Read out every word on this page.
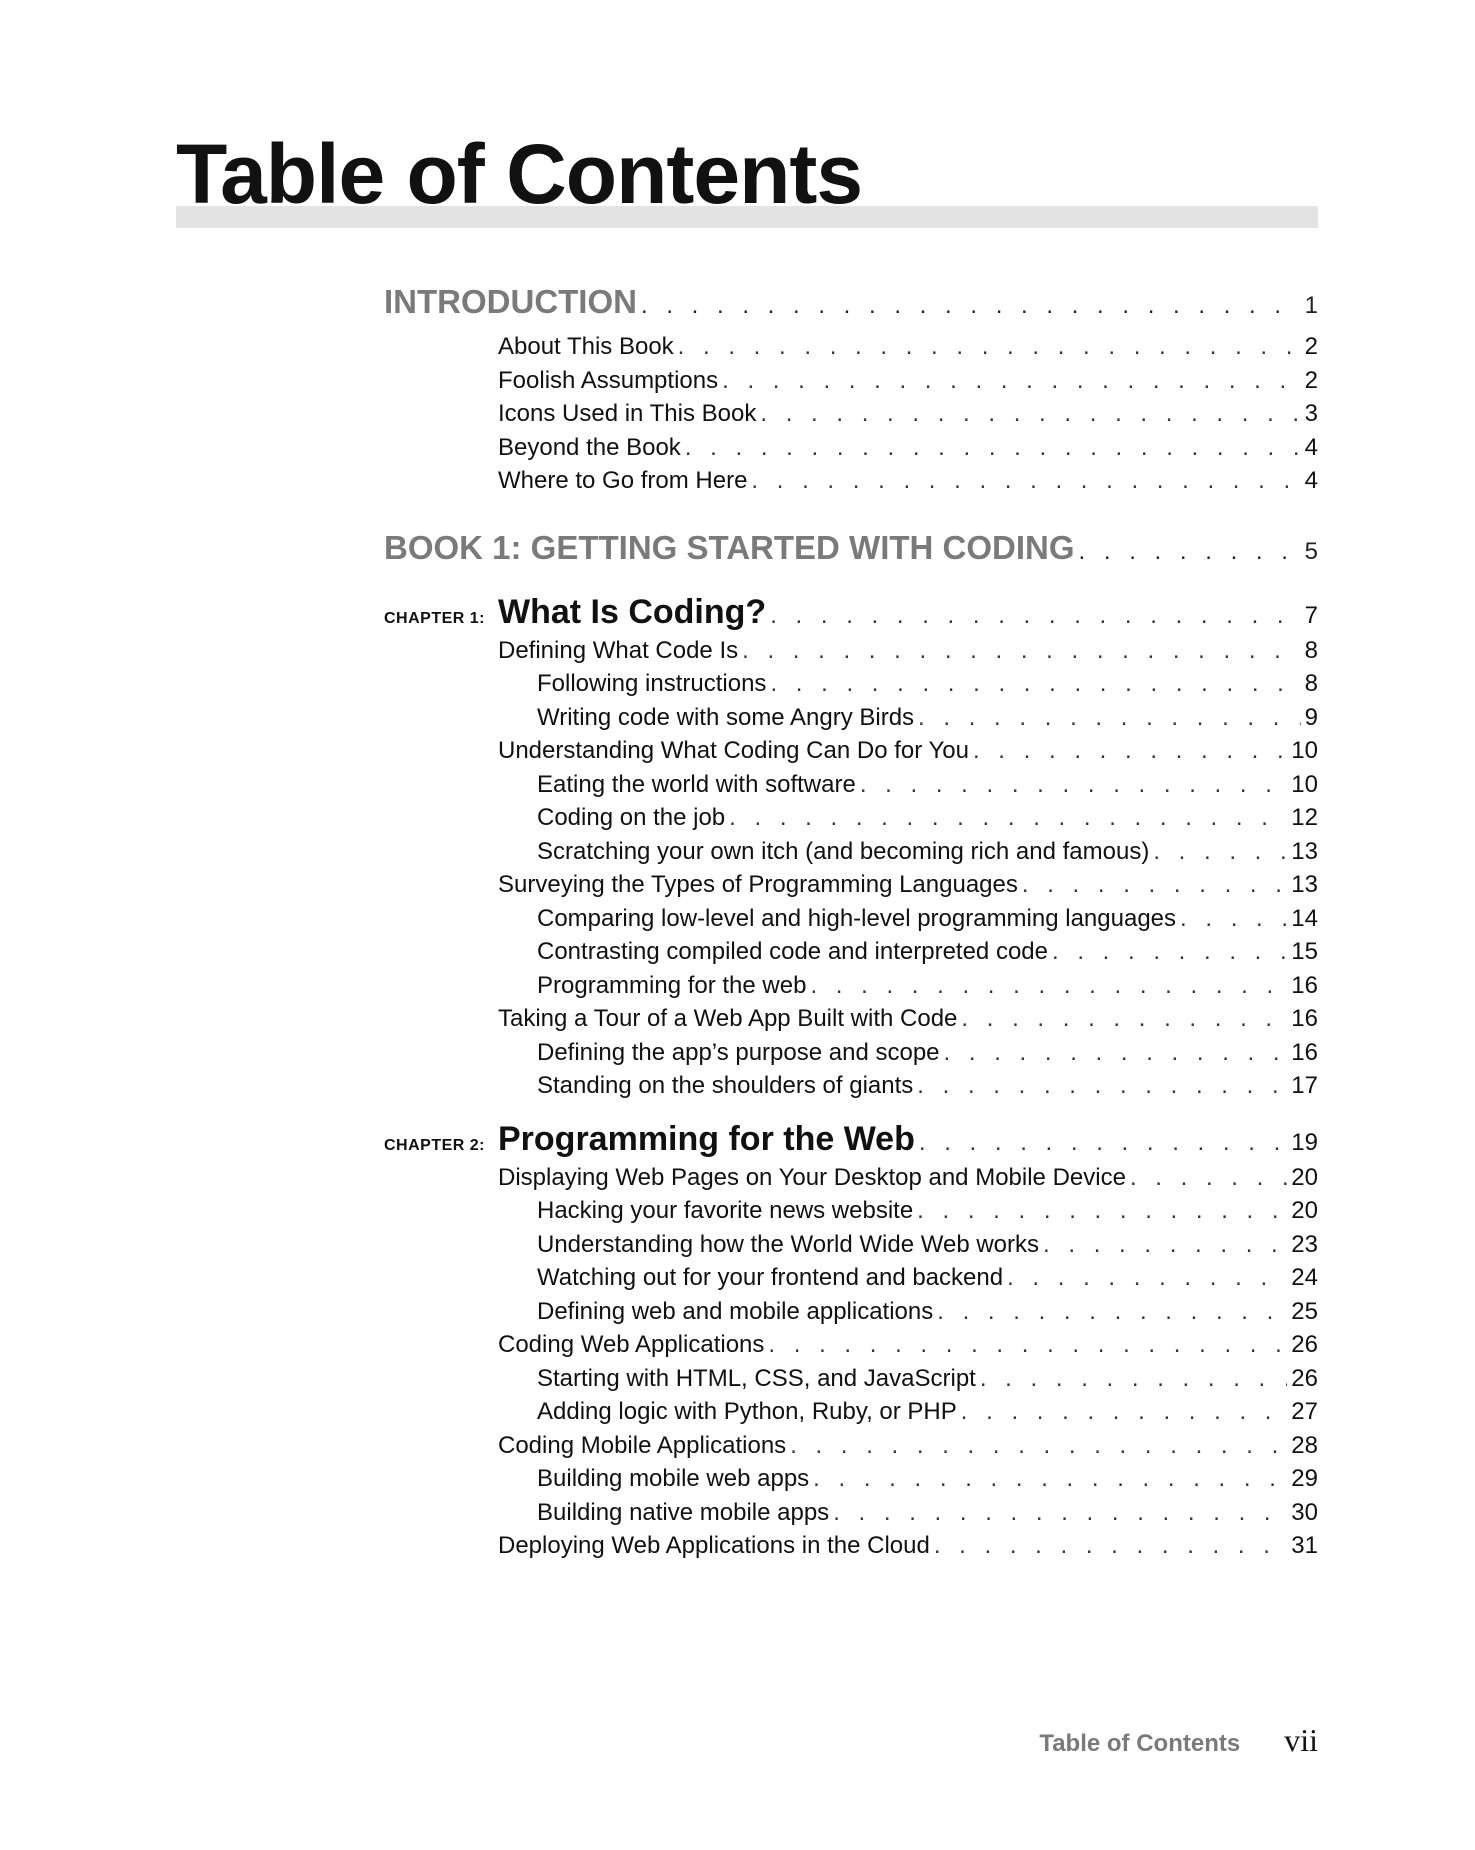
Table of Contents
INTRODUCTION . . .	1
About This Book . . .	2
Foolish Assumptions . . .	2
Icons Used in This Book . . .	3
Beyond the Book . . .	4
Where to Go from Here . . .	4
BOOK 1: GETTING STARTED WITH CODING . . .	5
CHAPTER 1: What Is Coding? . . .	7
Defining What Code Is . . .	8
Following instructions . . .	8
Writing code with some Angry Birds . . .	9
Understanding What Coding Can Do for You . . .	10
Eating the world with software . . .	10
Coding on the job . . .	12
Scratching your own itch (and becoming rich and famous) . . .	13
Surveying the Types of Programming Languages . . .	13
Comparing low-level and high-level programming languages . . .	14
Contrasting compiled code and interpreted code . . .	15
Programming for the web . . .	16
Taking a Tour of a Web App Built with Code . . .	16
Defining the app’s purpose and scope . . .	16
Standing on the shoulders of giants . . .	17
CHAPTER 2: Programming for the Web . . .	19
Displaying Web Pages on Your Desktop and Mobile Device . . .	20
Hacking your favorite news website . . .	20
Understanding how the World Wide Web works . . .	23
Watching out for your frontend and backend . . .	24
Defining web and mobile applications . . .	25
Coding Web Applications . . .	26
Starting with HTML, CSS, and JavaScript . . .	26
Adding logic with Python, Ruby, or PHP . . .	27
Coding Mobile Applications . . .	28
Building mobile web apps . . .	29
Building native mobile apps . . .	30
Deploying Web Applications in the Cloud . . .	31
Table of Contents vii
